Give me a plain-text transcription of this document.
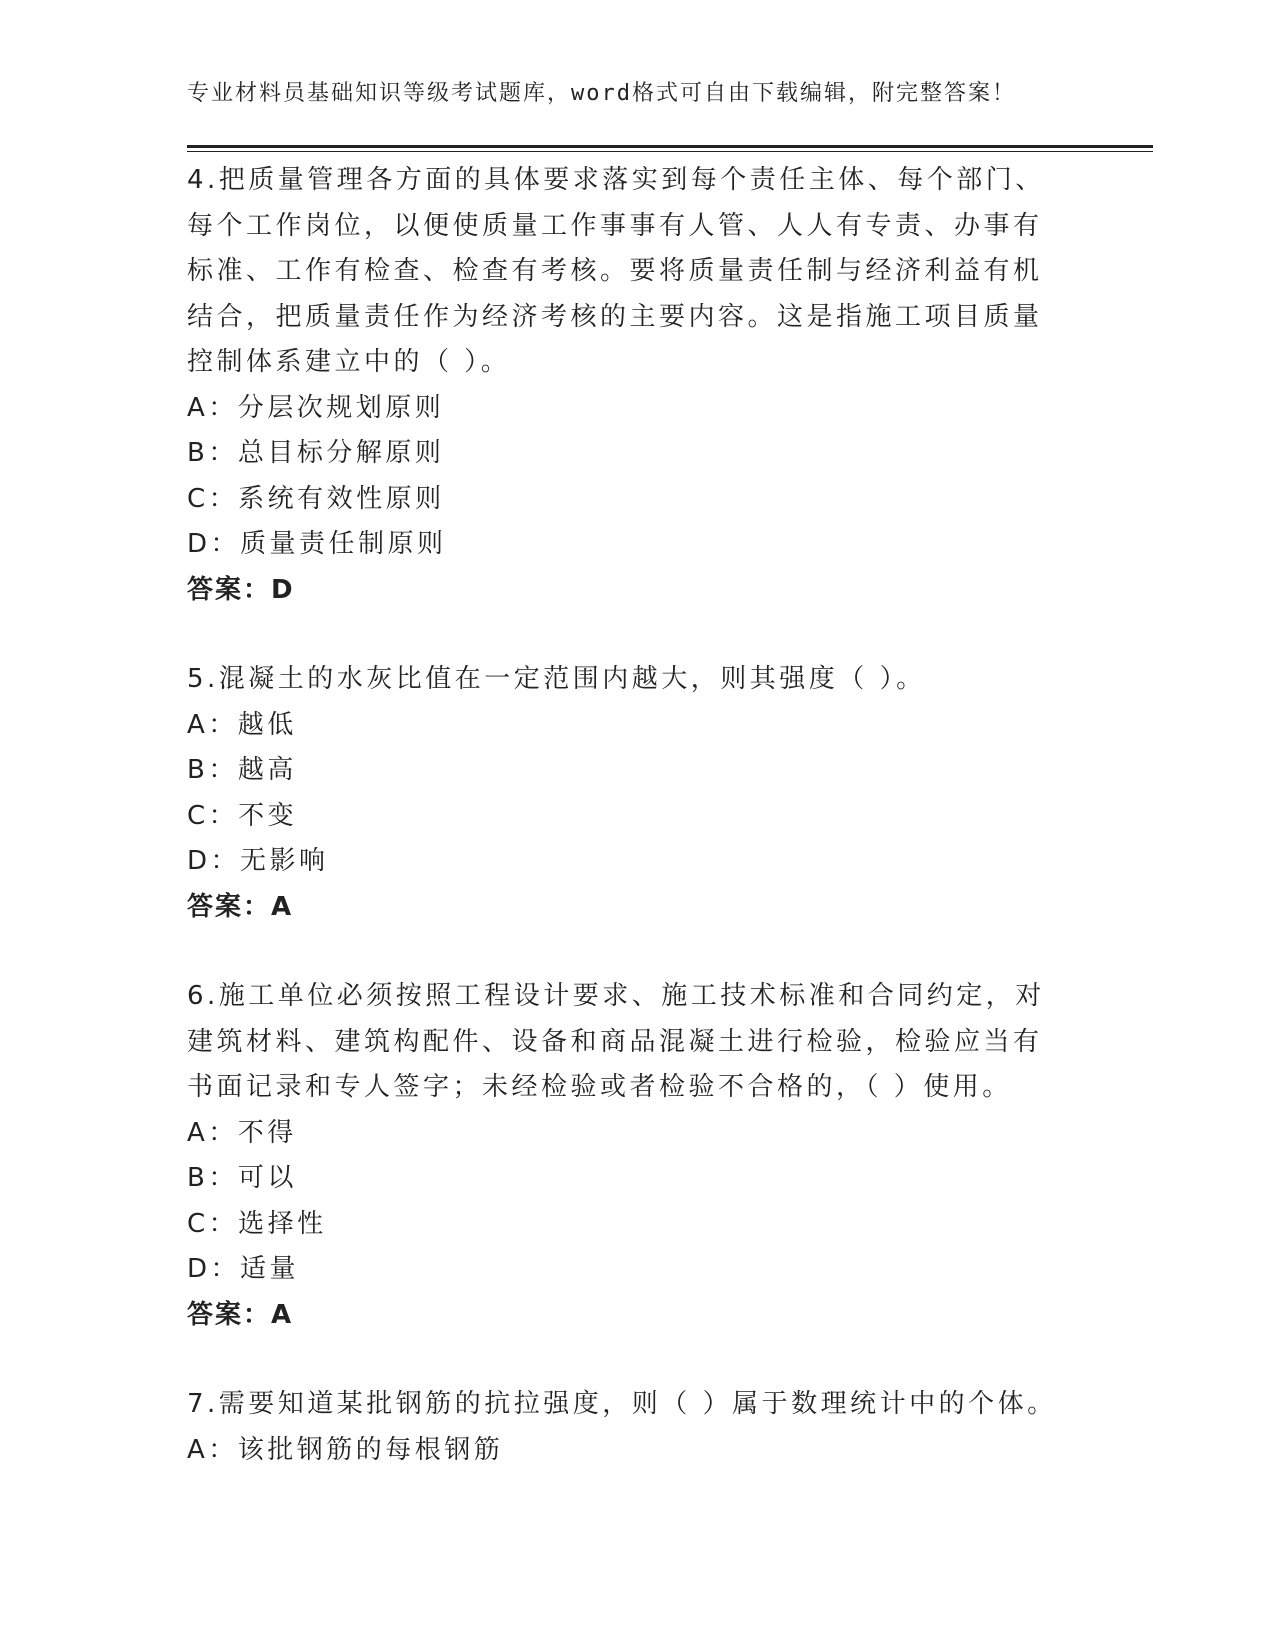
专业材料员基础知识等级考试题库，word格式可自由下载编辑，附完整答案！

4.把质量管理各方面的具体要求落实到每个责任主体、每个部门、每个工作岗位，以便使质量工作事事有人管、人人有专责、办事有标准、工作有检查、检查有考核。要将质量责任制与经济利益有机结合，把质量责任作为经济考核的主要内容。这是指施工项目质量控制体系建立中的（ ）。

A：分层次规划原则

B：总目标分解原则

C：系统有效性原则

D：质量责任制原则

答案：D

5.混凝土的水灰比值在一定范围内越大，则其强度（ ）。

A：越低

B：越高

C：不变

D：无影响

答案：A

6.施工单位必须按照工程设计要求、施工技术标准和合同约定，对建筑材料、建筑构配件、设备和商品混凝土进行检验，检验应当有书面记录和专人签字；未经检验或者检验不合格的，（ ）使用。

A：不得

B：可以

C：选择性

D：适量

答案：A

7.需要知道某批钢筋的抗拉强度，则（ ）属于数理统计中的个体。

A：该批钢筋的每根钢筋
